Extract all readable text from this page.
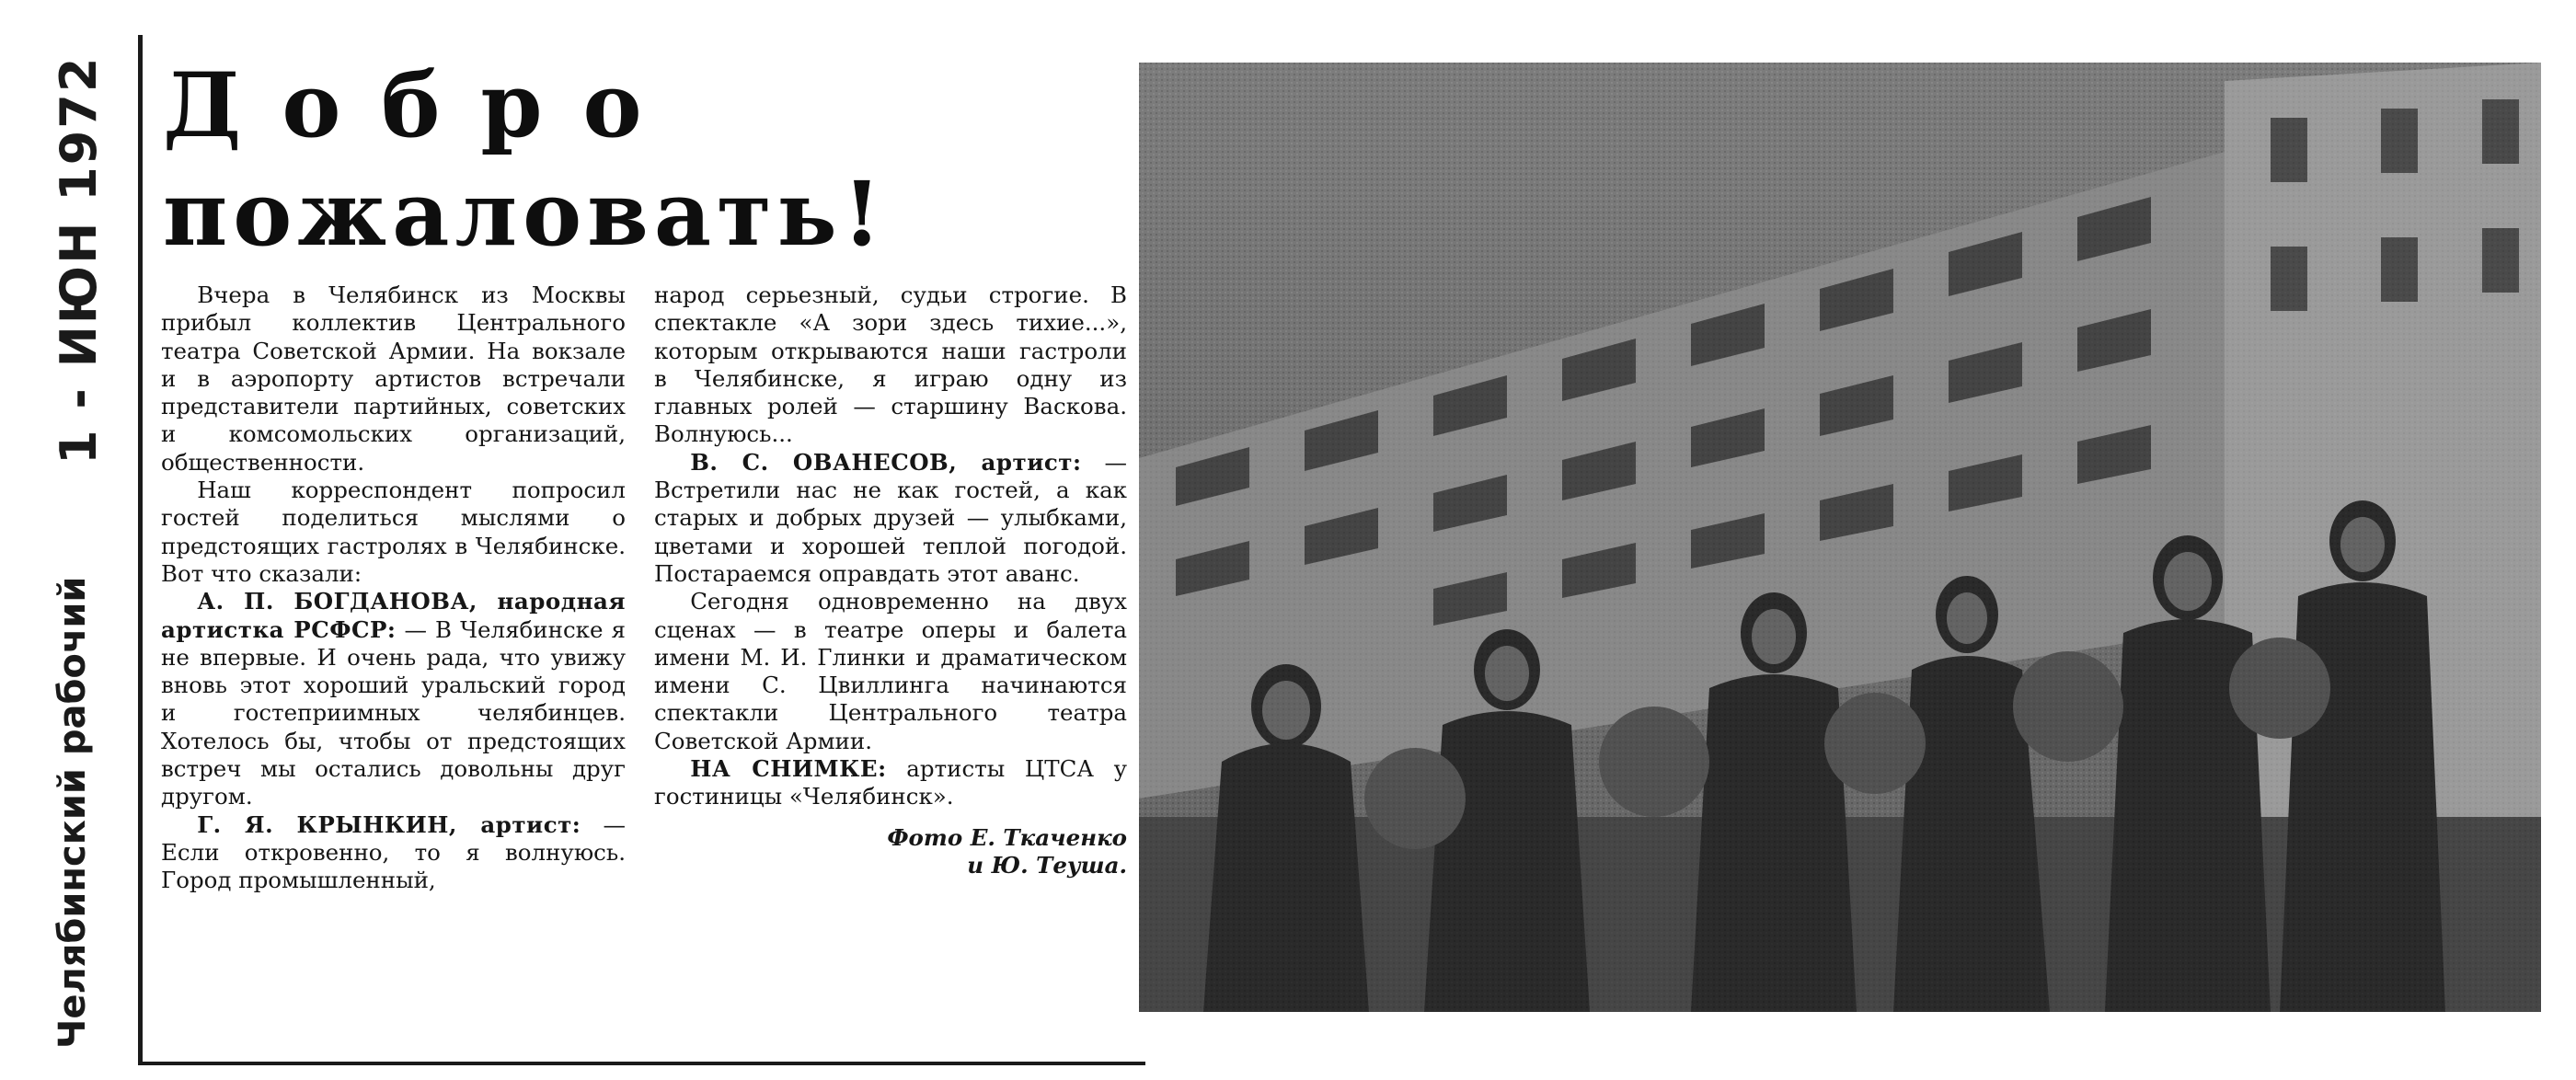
1 - ИЮН 1972
Челябинский рабочий
Добро
пожаловать!

Вчера в Челябинск из Москвы прибыл коллектив Центрального театра Советской Армии. На вокзале и в аэропорту артистов встречали представители партийных, советских и комсомольских организаций, общественности.

Наш корреспондент попросил гостей поделиться мыслями о предстоящих гастролях в Челябинске. Вот что сказали:

А. П. БОГДАНОВА, народная артистка РСФСР: — В Челябинске я не впервые. И очень рада, что увижу вновь этот хороший уральский город и гостеприимных челябинцев. Хотелось бы, чтобы от предстоящих встреч мы остались довольны друг другом.

Г. Я. КРЫНКИН, артист: — Если откровенно, то я волнуюсь. Город промышленный,

народ серьезный, судьи строгие. В спектакле «А зори здесь тихие...», которым открываются наши гастроли в Челябинске, я играю одну из главных ролей — старшину Васкова. Волнуюсь...

В. С. ОВАНЕСОВ, артист: — Встретили нас не как гостей, а как старых и добрых друзей — улыбками, цветами и хорошей теплой погодой. Постараемся оправдать этот аванс.

Сегодня одновременно на двух сценах — в театре оперы и балета имени М. И. Глинки и драматическом имени С. Цвиллинга начинаются спектакли Центрального театра Советской Армии.

НА СНИМКЕ: артисты ЦТСА у гостиницы «Челябинск».

Фото Е. Ткаченко
и Ю. Теуша.
